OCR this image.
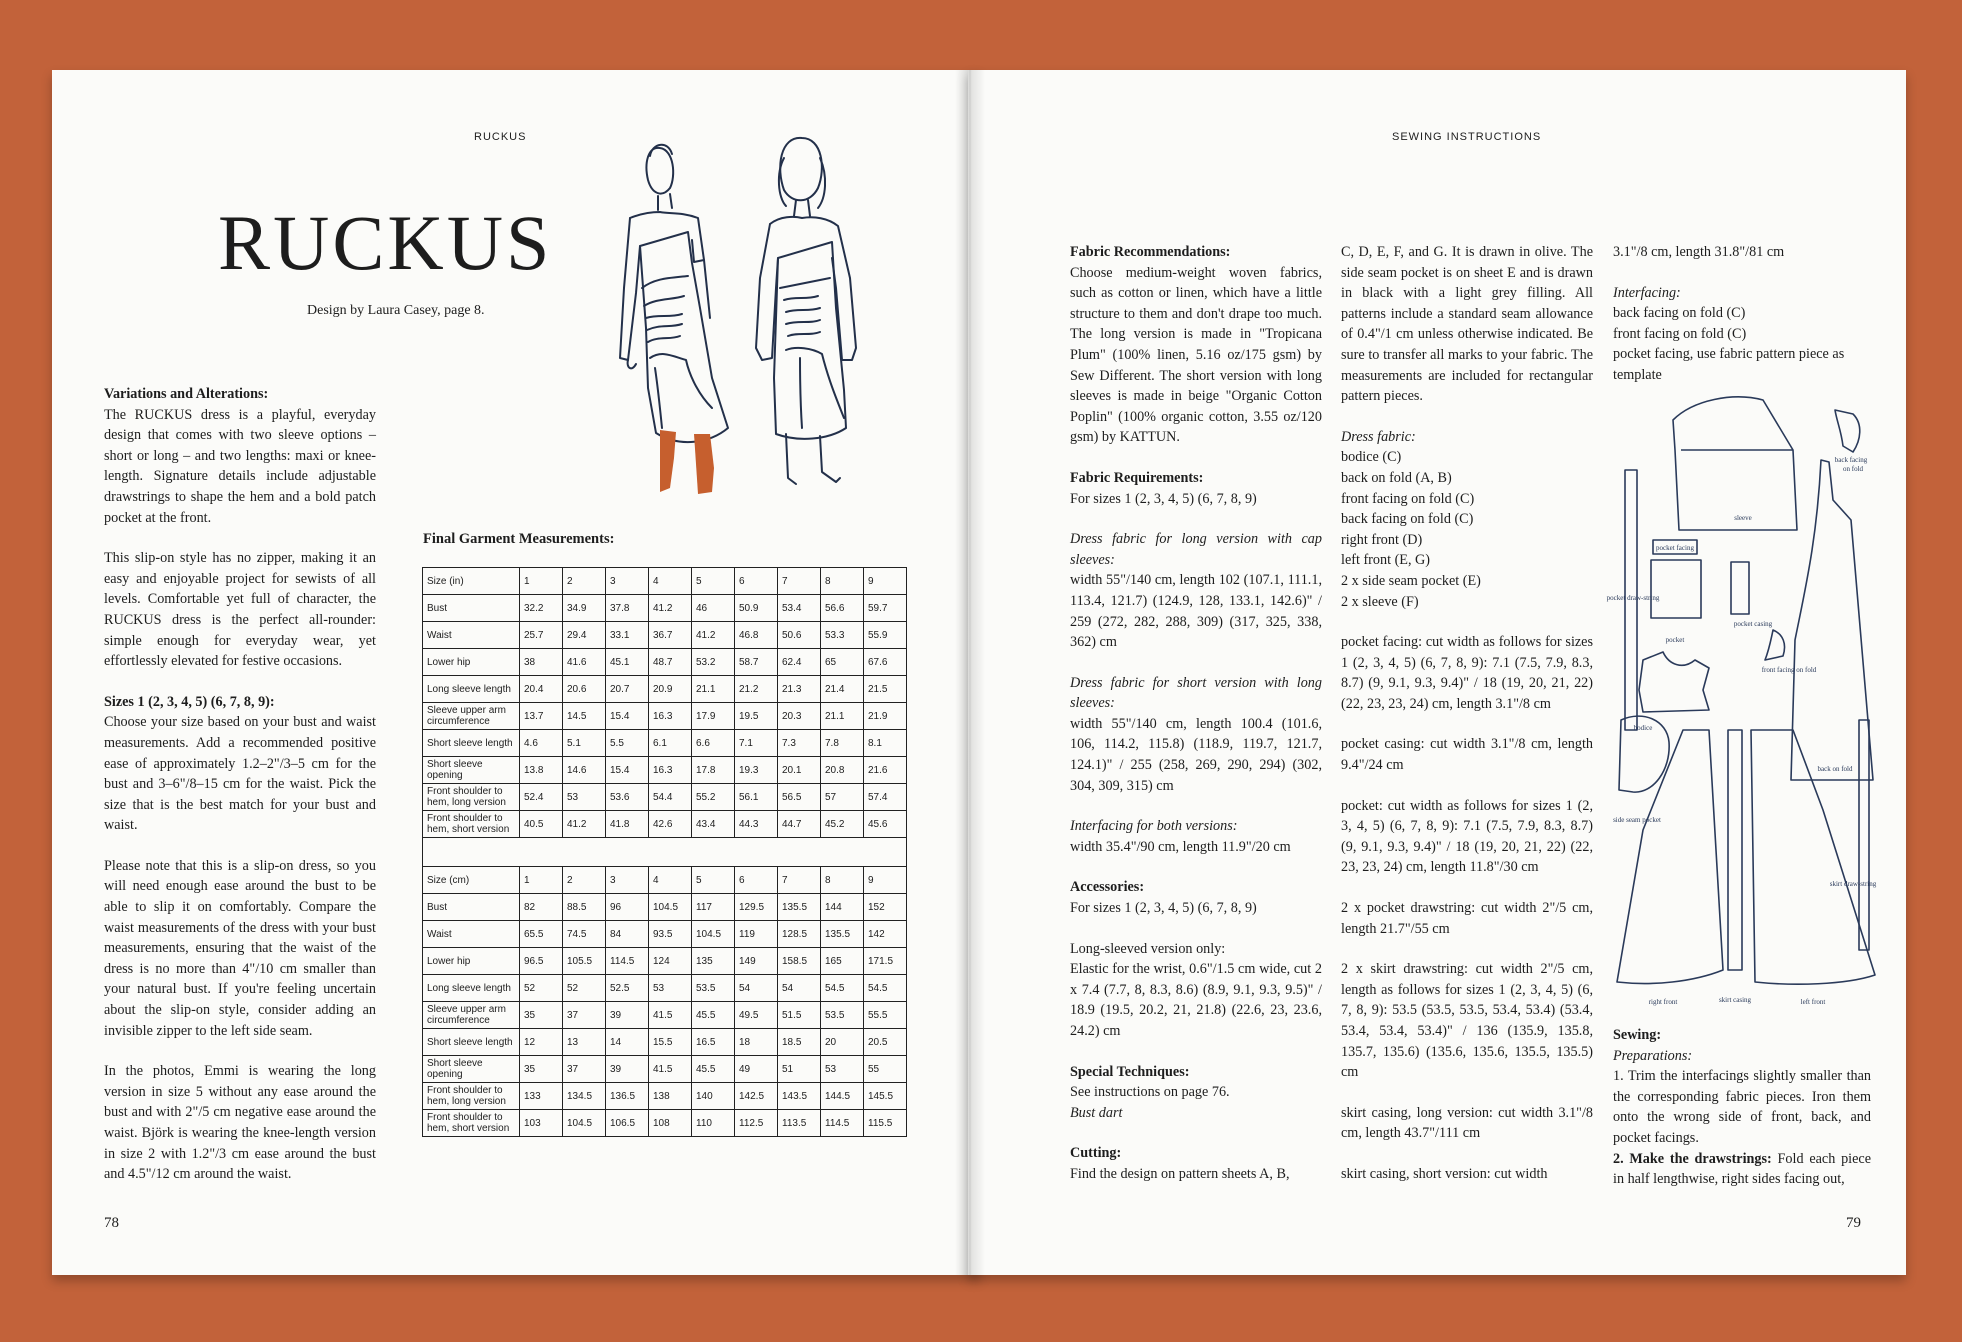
RUCKUS
RUCKUS
Design by Laura Casey, page 8.

Variations and Alterations:
The RUCKUS dress is a playful, everyday design that comes with two sleeve options – short or long – and two lengths: maxi or knee-length. Signature details include adjustable drawstrings to shape the hem and a bold patch pocket at the front.

This slip-on style has no zipper, making it an easy and enjoyable project for sewists of all levels. Comfortable yet full of character, the RUCKUS dress is the perfect all-rounder: simple enough for everyday wear, yet effortlessly elevated for festive occasions.

Sizes 1 (2, 3, 4, 5) (6, 7, 8, 9):
Choose your size based on your bust and waist measurements. Add a recommended positive ease of approximately 1.2–2"/3–5 cm for the bust and 3–6"/8–15 cm for the waist. Pick the size that is the best match for your bust and waist.

Please note that this is a slip-on dress, so you will need enough ease around the bust to be able to slip it on comfortably. Compare the waist measurements of the dress with your bust measurements, ensuring that the waist of the dress is no more than 4"/10 cm smaller than your natural bust. If you're feeling uncertain about the slip-on style, consider adding an invisible zipper to the left side seam.

In the photos, Emmi is wearing the long version in size 5 without any ease around the bust and with 2"/5 cm negative ease around the waist. Björk is wearing the knee-length version in size 2 with 1.2"/3 cm ease around the bust and 4.5"/12 cm around the waist.

Final Garment Measurements:
Size (in)	1	2	3	4	5	6	7	8	9
Bust	32.2	34.9	37.8	41.2	46	50.9	53.4	56.6	59.7
Waist	25.7	29.4	33.1	36.7	41.2	46.8	50.6	53.3	55.9
Lower hip	38	41.6	45.1	48.7	53.2	58.7	62.4	65	67.6
Long sleeve length	20.4	20.6	20.7	20.9	21.1	21.2	21.3	21.4	21.5
Sleeve upper arm circumference	13.7	14.5	15.4	16.3	17.9	19.5	20.3	21.1	21.9
Short sleeve length	4.6	5.1	5.5	6.1	6.6	7.1	7.3	7.8	8.1
Short sleeve opening	13.8	14.6	15.4	16.3	17.8	19.3	20.1	20.8	21.6
Front shoulder to hem, long version	52.4	53	53.6	54.4	55.2	56.1	56.5	57	57.4
Front shoulder to hem, short version	40.5	41.2	41.8	42.6	43.4	44.3	44.7	45.2	45.6

Size (cm)	1	2	3	4	5	6	7	8	9
Bust	82	88.5	96	104.5	117	129.5	135.5	144	152
Waist	65.5	74.5	84	93.5	104.5	119	128.5	135.5	142
Lower hip	96.5	105.5	114.5	124	135	149	158.5	165	171.5
Long sleeve length	52	52	52.5	53	53.5	54	54	54.5	54.5
Sleeve upper arm circumference	35	37	39	41.5	45.5	49.5	51.5	53.5	55.5
Short sleeve length	12	13	14	15.5	16.5	18	18.5	20	20.5
Short sleeve opening	35	37	39	41.5	45.5	49	51	53	55
Front shoulder to hem, long version	133	134.5	136.5	138	140	142.5	143.5	144.5	145.5
Front shoulder to hem, short version	103	104.5	106.5	108	110	112.5	113.5	114.5	115.5
78
SEWING INSTRUCTIONS

Fabric Recommendations:
Choose medium-weight woven fabrics, such as cotton or linen, which have a little structure to them and don't drape too much. The long version is made in "Tropicana Plum" (100% linen, 5.16 oz/175 gsm) by Sew Different. The short version with long sleeves is made in beige "Organic Cotton Poplin" (100% organic cotton, 3.55 oz/120 gsm) by KATTUN.

Fabric Requirements:
For sizes 1 (2, 3, 4, 5) (6, 7, 8, 9)

Dress fabric for long version with cap sleeves:
width 55"/140 cm, length 102 (107.1, 111.1, 113.4, 121.7) (124.9, 128, 133.1, 142.6)" / 259 (272, 282, 288, 309) (317, 325, 338, 362) cm

Dress fabric for short version with long sleeves:
width 55"/140 cm, length 100.4 (101.6, 106, 114.2, 115.8) (118.9, 119.7, 121.7, 124.1)" / 255 (258, 269, 290, 294) (302, 304, 309, 315) cm

Interfacing for both versions:
width 35.4"/90 cm, length 11.9"/20 cm

Accessories:
For sizes 1 (2, 3, 4, 5) (6, 7, 8, 9)

Long-sleeved version only:
Elastic for the wrist, 0.6"/1.5 cm wide, cut 2 x 7.4 (7.7, 8, 8.3, 8.6) (8.9, 9.1, 9.3, 9.5)" / 18.9 (19.5, 20.2, 21, 21.8) (22.6, 23, 23.6, 24.2) cm

Special Techniques:
See instructions on page 76.
Bust dart

Cutting:
Find the design on pattern sheets A, B,

C, D, E, F, and G. It is drawn in olive. The side seam pocket is on sheet E and is drawn in black with a light grey filling. All patterns include a standard seam allowance of 0.4"/1 cm unless otherwise indicated. Be sure to transfer all marks to your fabric. The measurements are included for rectangular pattern pieces.

Dress fabric:
bodice (C)
back on fold (A, B)
front facing on fold (C)
back facing on fold (C)
right front (D)
left front (E, G)
2 x side seam pocket (E)
2 x sleeve (F)

pocket facing: cut width as follows for sizes 1 (2, 3, 4, 5) (6, 7, 8, 9): 7.1 (7.5, 7.9, 8.3, 8.7) (9, 9.1, 9.3, 9.4)" / 18 (19, 20, 21, 22) (22, 23, 23, 24) cm, length 3.1"/8 cm

pocket casing: cut width 3.1"/8 cm, length 9.4"/24 cm

pocket: cut width as follows for sizes 1 (2, 3, 4, 5) (6, 7, 8, 9): 7.1 (7.5, 7.9, 8.3, 8.7) (9, 9.1, 9.3, 9.4)" / 18 (19, 20, 21, 22) (22, 23, 23, 24) cm, length 11.8"/30 cm

2 x pocket drawstring: cut width 2"/5 cm, length 21.7"/55 cm

2 x skirt drawstring: cut width 2"/5 cm, length as follows for sizes 1 (2, 3, 4, 5) (6, 7, 8, 9): 53.5 (53.5, 53.5, 53.4, 53.4) (53.4, 53.4, 53.4, 53.4)" / 136 (135.9, 135.8, 135.7, 135.6) (135.6, 135.6, 135.5, 135.5) cm

skirt casing, long version: cut width 3.1"/8 cm, length 43.7"/111 cm

skirt casing, short version: cut width

3.1"/8 cm, length 31.8"/81 cm

Interfacing:
back facing on fold (C)
front facing on fold (C)
pocket facing, use fabric pattern piece as template

back facing
on fold
sleeve
pocket facing
pocket draw-string
pocket casing
pocket
front facing on fold
bodice
back on fold
side seam pocket
skirt draw-string
right front	skirt casing	left front

Sewing:
Preparations:
1. Trim the interfacings slightly smaller than the corresponding fabric pieces. Iron them onto the wrong side of front, back, and pocket facings.
2. Make the drawstrings: Fold each piece in half lengthwise, right sides facing out,

79
